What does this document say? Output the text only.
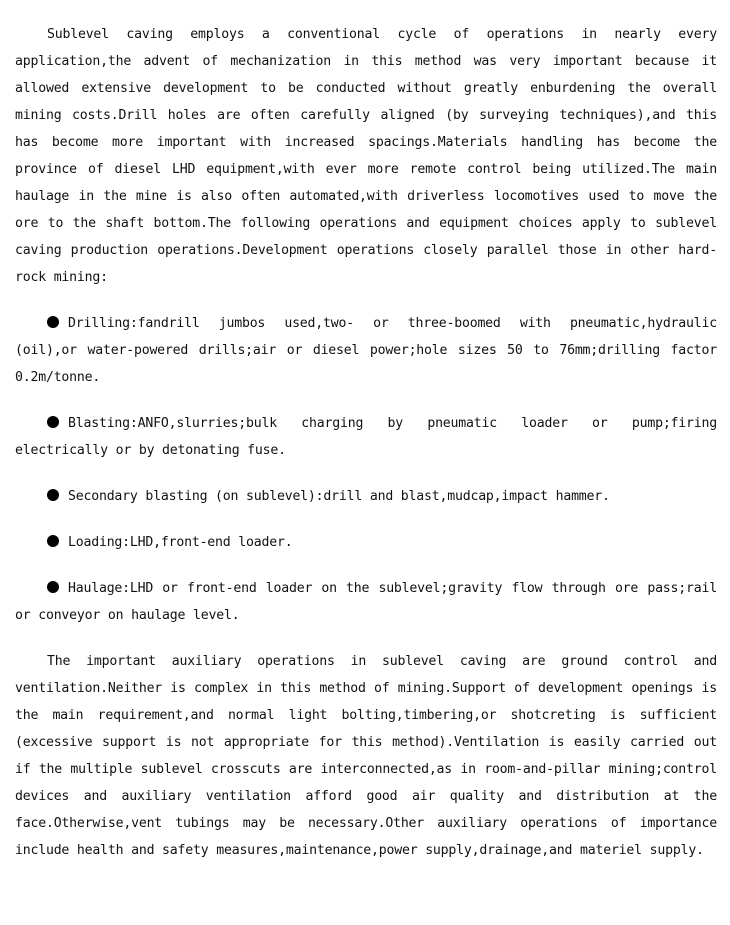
Sublevel caving employs a conventional cycle of operations in nearly every application,the advent of mechanization in this method was very important because it allowed extensive development to be conducted without greatly enburdening the overall mining costs.Drill holes are often carefully aligned (by surveying techniques),and this has become more important with increased spacings.Materials handling has become the province of diesel LHD equipment,with ever more remote control being utilized.The main haulage in the mine is also often automated,with driverless locomotives used to move the ore to the shaft bottom.The following operations and equipment choices apply to sublevel caving production operations.Development operations closely parallel those in other hard-rock mining:

Drilling:fandrill jumbos used,two- or three-boomed with pneumatic,hydraulic (oil),or water-powered drills;air or diesel power;hole sizes 50 to 76mm;drilling factor 0.2m/tonne.

Blasting:ANFO,slurries;bulk charging by pneumatic loader or pump;firing electrically or by detonating fuse.

Secondary blasting (on sublevel):drill and blast,mudcap,impact hammer.

Loading:LHD,front-end loader.

Haulage:LHD or front-end loader on the sublevel;gravity flow through ore pass;rail or conveyor on haulage level.

The important auxiliary operations in sublevel caving are ground control and ventilation.Neither is complex in this method of mining.Support of development openings is the main requirement,and normal light bolting,timbering,or shotcreting is sufficient (excessive support is not appropriate for this method).Ventilation is easily carried out if the multiple sublevel crosscuts are interconnected,as in room-and-pillar mining;control devices and auxiliary ventilation afford good air quality and distribution at the face.Otherwise,vent tubings may be necessary.Other auxiliary operations of importance include health and safety measures,maintenance,power supply,drainage,and materiel supply.
